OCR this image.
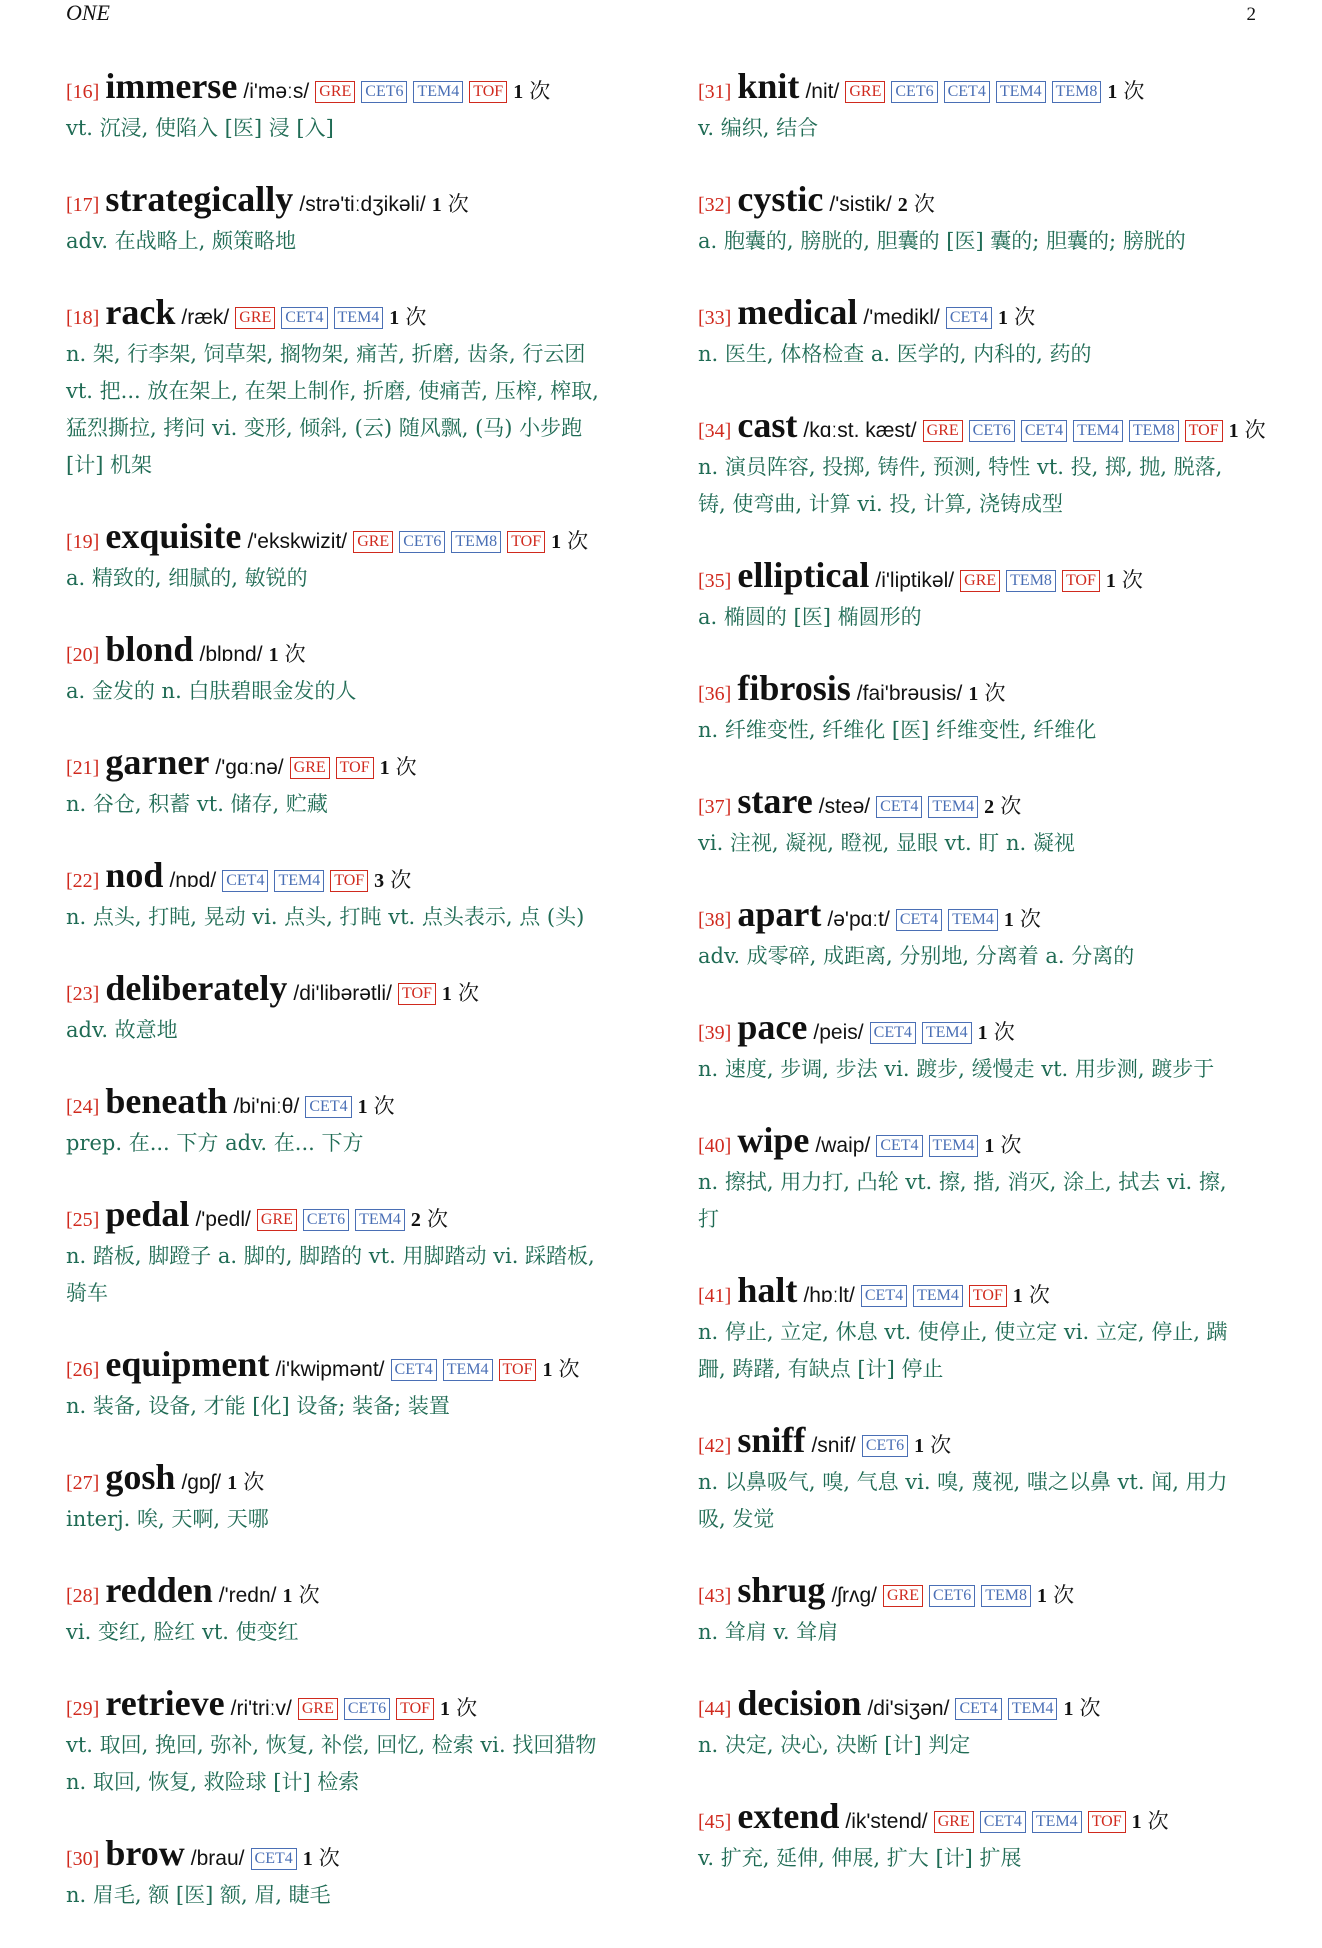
ONE	2
[16] immerse /i'məːs/ GRE CET6 TEM4 TOF 1 次
vt. 沉浸, 使陷入 [医] 浸 [入]
[17] strategically /strə'tiːdʒikəli/ 1 次
adv. 在战略上, 颇策略地
[18] rack /ræk/ GRE CET4 TEM4 1 次
n. 架, 行李架, 饲草架, 搁物架, 痛苦, 折磨, 齿条, 行云团
vt. 把... 放在架上, 在架上制作, 折磨, 使痛苦, 压榨, 榨取,
猛烈撕拉, 拷问 vi. 变形, 倾斜, (云) 随风飘, (马) 小步跑
[计] 机架
[19] exquisite /'ekskwizit/ GRE CET6 TEM8 TOF 1 次
a. 精致的, 细腻的, 敏锐的
[20] blond /blɒnd/ 1 次
a. 金发的 n. 白肤碧眼金发的人
[21] garner /'gɑːnə/ GRE TOF 1 次
n. 谷仓, 积蓄 vt. 储存, 贮藏
[22] nod /nɒd/ CET4 TEM4 TOF 3 次
n. 点头, 打盹, 晃动 vi. 点头, 打盹 vt. 点头表示, 点 (头)
[23] deliberately /di'libərətli/ TOF 1 次
adv. 故意地
[24] beneath /bi'niːθ/ CET4 1 次
prep. 在... 下方 adv. 在... 下方
[25] pedal /'pedl/ GRE CET6 TEM4 2 次
n. 踏板, 脚蹬子 a. 脚的, 脚踏的 vt. 用脚踏动 vi. 踩踏板,
骑车
[26] equipment /i'kwipmənt/ CET4 TEM4 TOF 1 次
n. 装备, 设备, 才能 [化] 设备; 装备; 装置
[27] gosh /gɒʃ/ 1 次
interj. 唉, 天啊, 天哪
[28] redden /'redn/ 1 次
vi. 变红, 脸红 vt. 使变红
[29] retrieve /ri'triːv/ GRE CET6 TOF 1 次
vt. 取回, 挽回, 弥补, 恢复, 补偿, 回忆, 检索 vi. 找回猎物
n. 取回, 恢复, 救险球 [计] 检索
[30] brow /brau/ CET4 1 次
n. 眉毛, 额 [医] 额, 眉, 睫毛
[31] knit /nit/ GRE CET6 CET4 TEM4 TEM8 1 次
v. 编织, 结合
[32] cystic /'sistik/ 2 次
a. 胞囊的, 膀胱的, 胆囊的 [医] 囊的; 胆囊的; 膀胱的
[33] medical /'medikl/ CET4 1 次
n. 医生, 体格检查 a. 医学的, 内科的, 药的
[34] cast /kɑːst. kæst/ GRE CET6 CET4 TEM4 TEM8 TOF 1 次
n. 演员阵容, 投掷, 铸件, 预测, 特性 vt. 投, 掷, 抛, 脱落,
铸, 使弯曲, 计算 vi. 投, 计算, 浇铸成型
[35] elliptical /i'liptikəl/ GRE TEM8 TOF 1 次
a. 椭圆的 [医] 椭圆形的
[36] fibrosis /fai'brəusis/ 1 次
n. 纤维变性, 纤维化 [医] 纤维变性, 纤维化
[37] stare /steə/ CET4 TEM4 2 次
vi. 注视, 凝视, 瞪视, 显眼 vt. 盯 n. 凝视
[38] apart /ə'pɑːt/ CET4 TEM4 1 次
adv. 成零碎, 成距离, 分别地, 分离着 a. 分离的
[39] pace /peis/ CET4 TEM4 1 次
n. 速度, 步调, 步法 vi. 踱步, 缓慢走 vt. 用步测, 踱步于
[40] wipe /waip/ CET4 TEM4 1 次
n. 擦拭, 用力打, 凸轮 vt. 擦, 揩, 消灭, 涂上, 拭去 vi. 擦,
打
[41] halt /hɒːlt/ CET4 TEM4 TOF 1 次
n. 停止, 立定, 休息 vt. 使停止, 使立定 vi. 立定, 停止, 蹒
跚, 踌躇, 有缺点 [计] 停止
[42] sniff /snif/ CET6 1 次
n. 以鼻吸气, 嗅, 气息 vi. 嗅, 蔑视, 嗤之以鼻 vt. 闻, 用力
吸, 发觉
[43] shrug /ʃrʌg/ GRE CET6 TEM8 1 次
n. 耸肩 v. 耸肩
[44] decision /di'siʒən/ CET4 TEM4 1 次
n. 决定, 决心, 决断 [计] 判定
[45] extend /ik'stend/ GRE CET4 TEM4 TOF 1 次
v. 扩充, 延伸, 伸展, 扩大 [计] 扩展
